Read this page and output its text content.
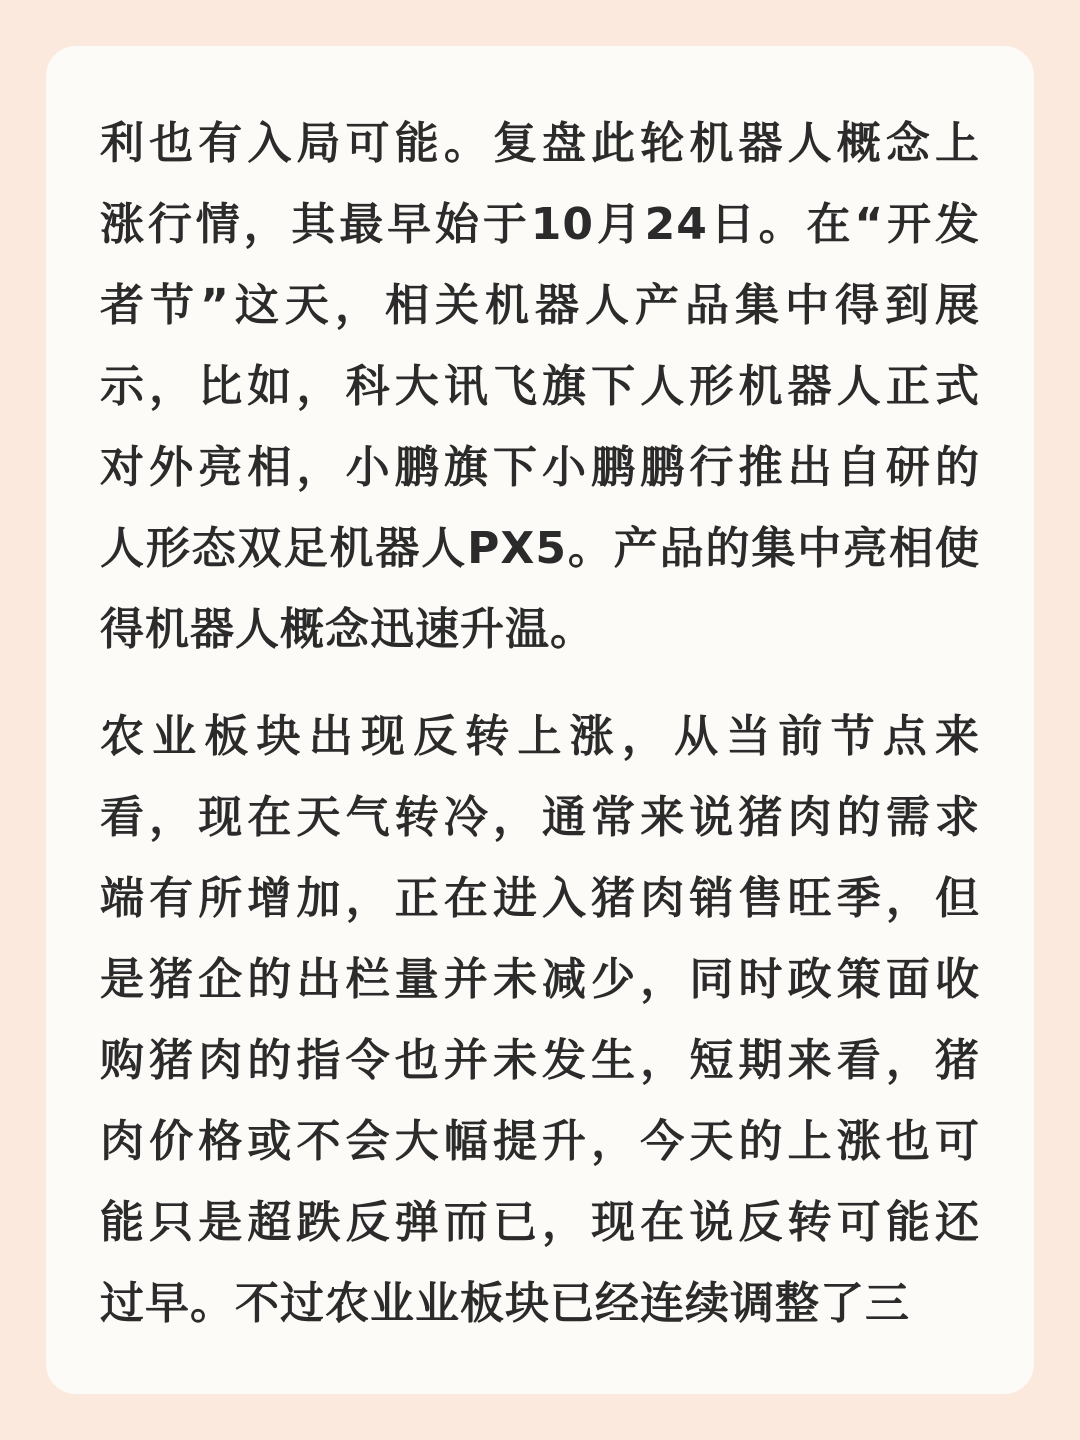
利也有入局可能。复盘此轮机器人概念上
涨行情，其最早始于10月24日。在“开发
者节”这天，相关机器人产品集中得到展
示，比如，科大讯飞旗下人形机器人正式
对外亮相，小鹏旗下小鹏鹏行推出自研的
人形态双足机器人PX5。产品的集中亮相使
得机器人概念迅速升温。
农业板块出现反转上涨，从当前节点来
看，现在天气转冷，通常来说猪肉的需求
端有所增加，正在进入猪肉销售旺季，但
是猪企的出栏量并未减少，同时政策面收
购猪肉的指令也并未发生，短期来看，猪
肉价格或不会大幅提升，今天的上涨也可
能只是超跌反弹而已，现在说反转可能还
过早。不过农业业板块已经连续调整了三
